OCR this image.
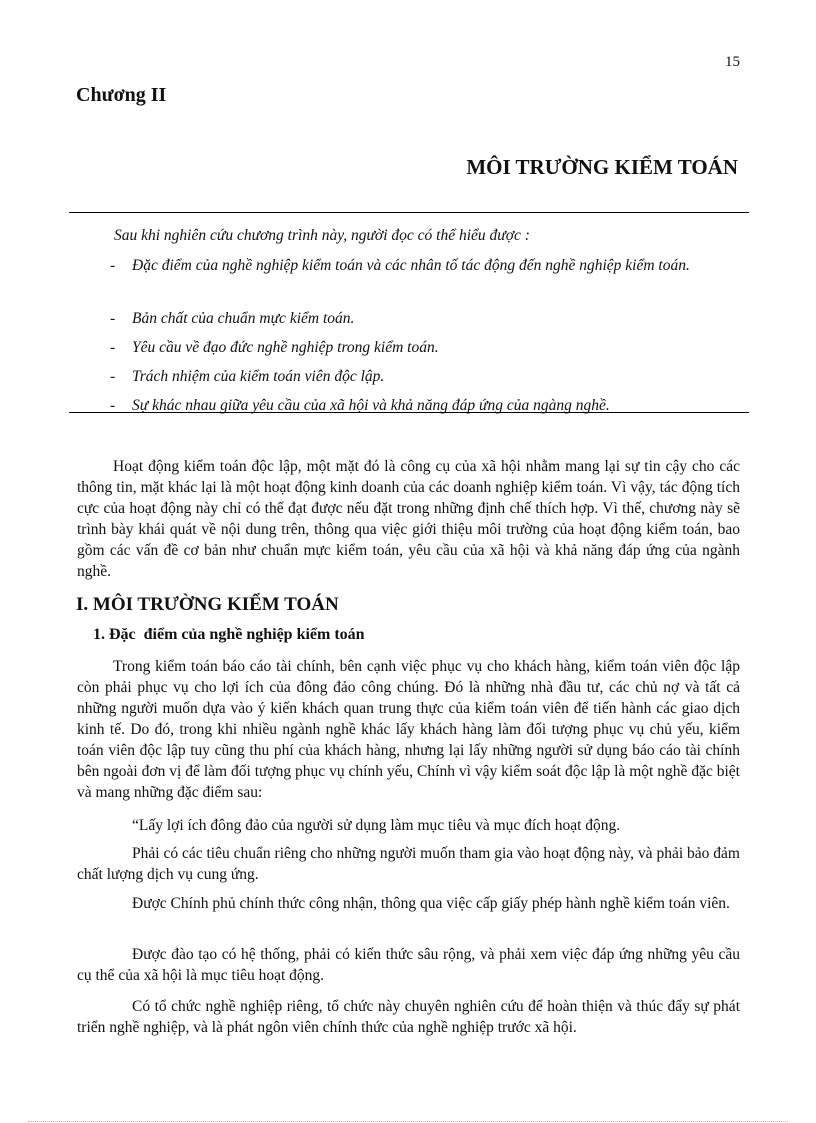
15
Chương II
MÔI TRƯỜNG KIỂM TOÁN

Sau khi nghiên cứu chương trình này, người đọc có thể hiểu được :

- Đặc điểm của nghề nghiệp kiểm toán và các nhân tố tác động đến nghề nghiệp kiểm toán.
- Bản chất của chuẩn mực kiểm toán.
- Yêu cầu về đạo đức nghề nghiệp trong kiểm toán.
- Trách nhiệm của kiểm toán viên độc lập.
- Sự khác nhau giữa yêu cầu của xã hội và khả năng đáp ứng của ngàng nghề.

Hoạt động kiểm toán độc lập, một mặt đó là công cụ của xã hội nhằm mang lại sự tin cậy cho các thông tin, mặt khác lại là một hoạt động kinh doanh của các doanh nghiệp kiểm toán. Vì vậy, tác động tích cực của hoạt động này chỉ có thể đạt được nếu đặt trong những định chế thích hợp. Vì thế, chương này sẽ trình bày khái quát về nội dung trên, thông qua việc giới thiệu môi trường của hoạt động kiểm toán, bao gồm các vấn đề cơ bản như chuẩn mực kiểm toán, yêu cầu của xã hội và khả năng đáp ứng của ngành nghề.

I. MÔI TRƯỜNG KIỂM TOÁN
1. Đặc  điểm của nghề nghiệp kiểm toán

Trong kiểm toán báo cáo tài chính, bên cạnh việc phục vụ cho khách hàng, kiểm toán viên độc lập còn phải phục vụ cho lợi ích của đông đảo công chúng. Đó là những nhà đầu tư, các chủ nợ và tất cả những người muốn dựa vào ý kiến khách quan trung thực của kiểm toán viên để tiến hành các giao dịch kinh tế. Do đó, trong khi nhiều ngành nghề khác lấy khách hàng làm đối tượng phục vụ chủ yếu, kiểm toán viên độc lập tuy cũng thu phí của khách hàng, nhưng lại lấy những người sử dụng báo cáo tài chính bên ngoài đơn vị để làm đối tượng phục vụ chính yếu, Chính vì vậy kiểm soát độc lập là một nghề đặc biệt và mang những đặc điểm sau:

“Lấy lợi ích đông đảo của người sử dụng làm mục tiêu và mục đích hoạt động.

Phải có các tiêu chuẩn riêng cho những người muốn tham gia vào hoạt động này, và phải bảo đảm chất lượng dịch vụ cung ứng.

Được Chính phủ chính thức công nhận, thông qua việc cấp giấy phép hành nghề kiểm toán viên.

Được đào tạo có hệ thống, phải có kiến thức sâu rộng, và phải xem việc đáp ứng những yêu cầu cụ thể của xã hội là mục tiêu hoạt động.

Có tổ chức nghề nghiệp riêng, tổ chức này chuyên nghiên cứu để hoàn thiện và thúc đẩy sự phát triển nghề nghiệp, và là phát ngôn viên chính thức của nghề nghiệp trước xã hội.
